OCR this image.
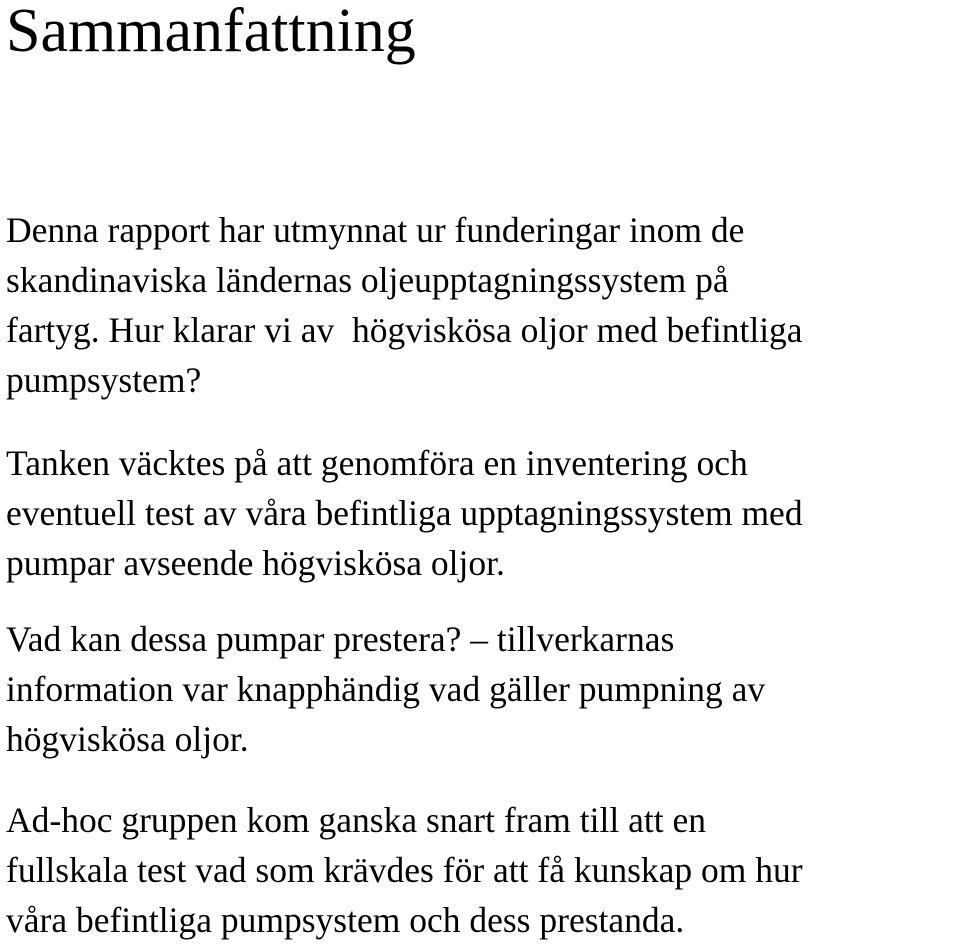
Sammanfattning

Denna rapport har utmynnat ur funderingar inom de
skandinaviska ländernas oljeupptagningssystem på
fartyg. Hur klarar vi av  högviskösa oljor med befintliga
pumpsystem?

Tanken väcktes på att genomföra en inventering och
eventuell test av våra befintliga upptagningssystem med
pumpar avseende högviskösa oljor.

Vad kan dessa pumpar prestera? – tillverkarnas
information var knapphändig vad gäller pumpning av
högviskösa oljor.

Ad-hoc gruppen kom ganska snart fram till att en
fullskala test vad som krävdes för att få kunskap om hur
våra befintliga pumpsystem och dess prestanda.
